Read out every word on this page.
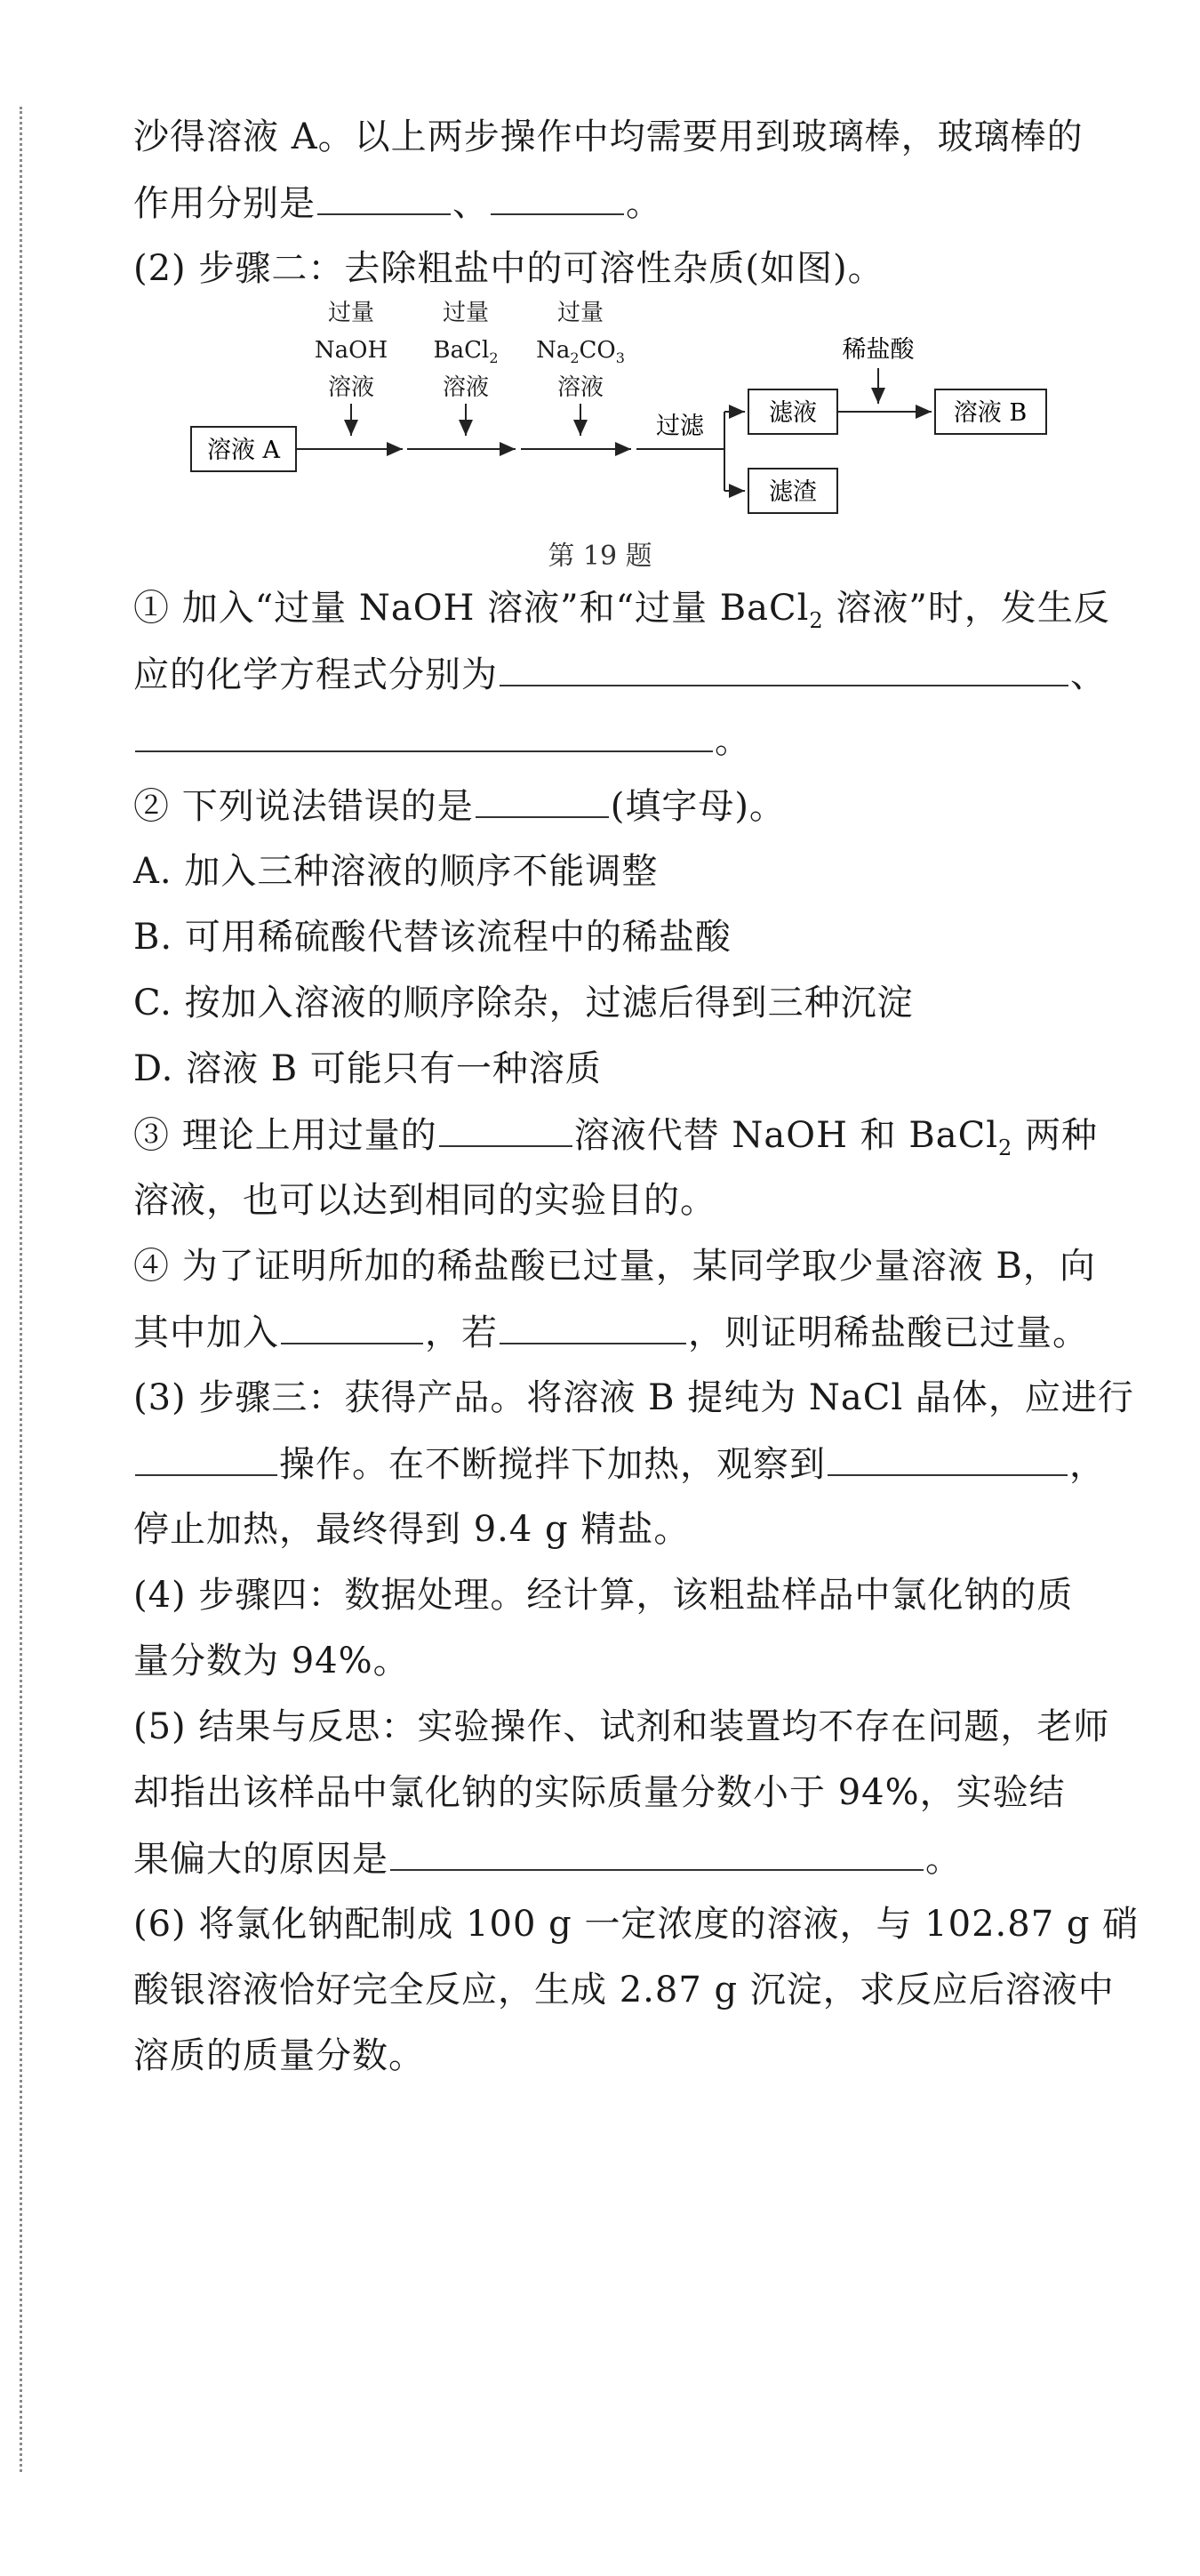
沙得溶液 A。以上两步操作中均需要用到玻璃棒，玻璃棒的
作用分别是	、	。
(2) 步骤二：去除粗盐中的可溶性杂质(如图)。
过量
NaOH
溶液
过量
BaCl$_2$
溶液
过量
$Na_2CO_3$
溶液
溶液 A
过滤	滤液
滤渣
稀盐酸
溶液 B
第 19 题
① 加入“过量 NaOH 溶液”和“过量 BaCl$_2$ 溶液”时，发生反
应的化学方程式分别为	、
。
② 下列说法错误的是	(填字母)。
A. 加入三种溶液的顺序不能调整
B. 可用稀硫酸代替该流程中的稀盐酸
C. 按加入溶液的顺序除杂，过滤后得到三种沉淀
D. 溶液 B 可能只有一种溶质
③ 理论上用过量的	溶液代替 NaOH 和 BaCl$_2$ 两种
溶液，也可以达到相同的实验目的。
④ 为了证明所加的稀盐酸已过量，某同学取少量溶液 B，向
其中加入	，若	，则证明稀盐酸已过量。
(3) 步骤三：获得产品。将溶液 B 提纯为 NaCl 晶体，应进行
操作。在不断搅拌下加热，观察到	，
停止加热，最终得到 9.4 g 精盐。
(4) 步骤四：数据处理。经计算，该粗盐样品中氯化钠的质
量分数为 94%。
(5) 结果与反思：实验操作、试剂和装置均不存在问题，老师
却指出该样品中氯化钠的实际质量分数小于 94%，实验结
果偏大的原因是	。
(6) 将氯化钠配制成 100 g 一定浓度的溶液，与 102.87 g 硝
酸银溶液恰好完全反应，生成 2.87 g 沉淀，求反应后溶液中
溶质的质量分数。
